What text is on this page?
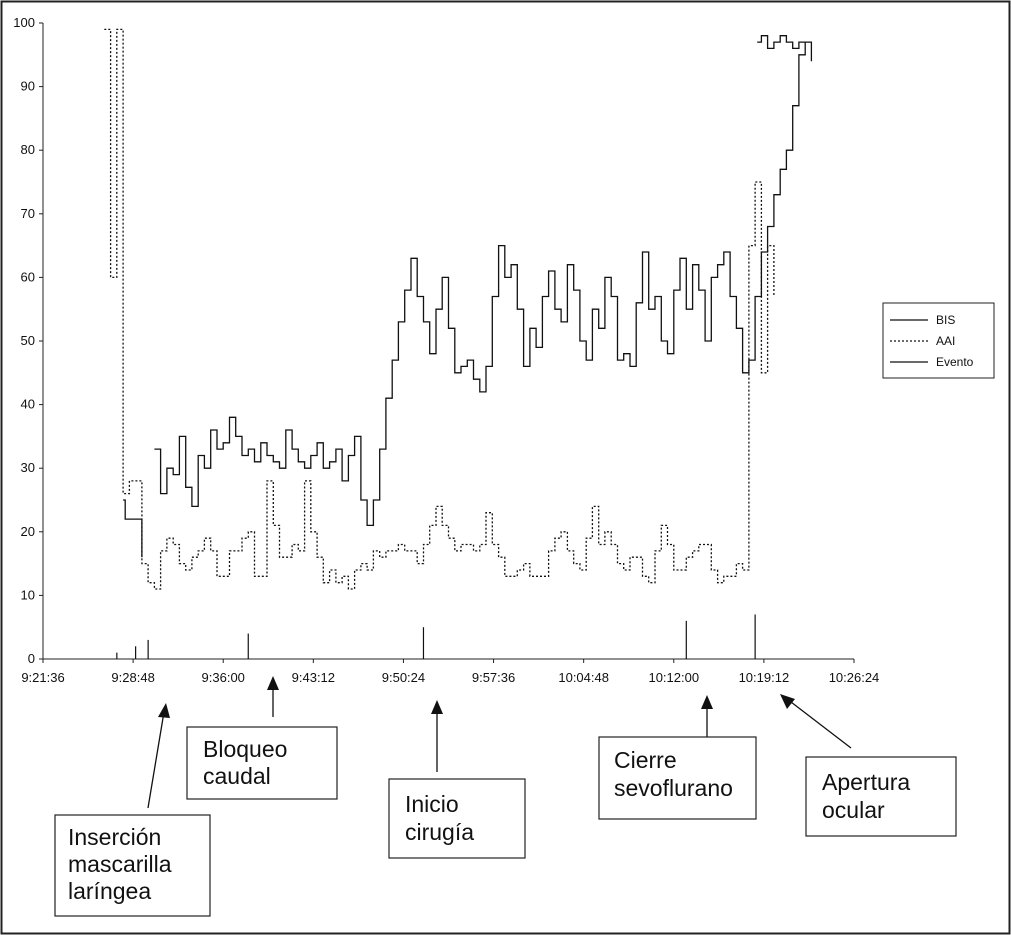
0
10
20
30
40
50
60
70
80
90
100
9:21:36	9:28:48	9:36:00	9:43:12	9:50:24	9:57:36	10:04:48	10:12:00	10:19:12	10:26:24
BIS
AAI
Evento
Inserción
mascarilla
laríngea
Bloqueo
caudal
Inicio
cirugía
Cierre
sevoflurano	Apertura
ocular
